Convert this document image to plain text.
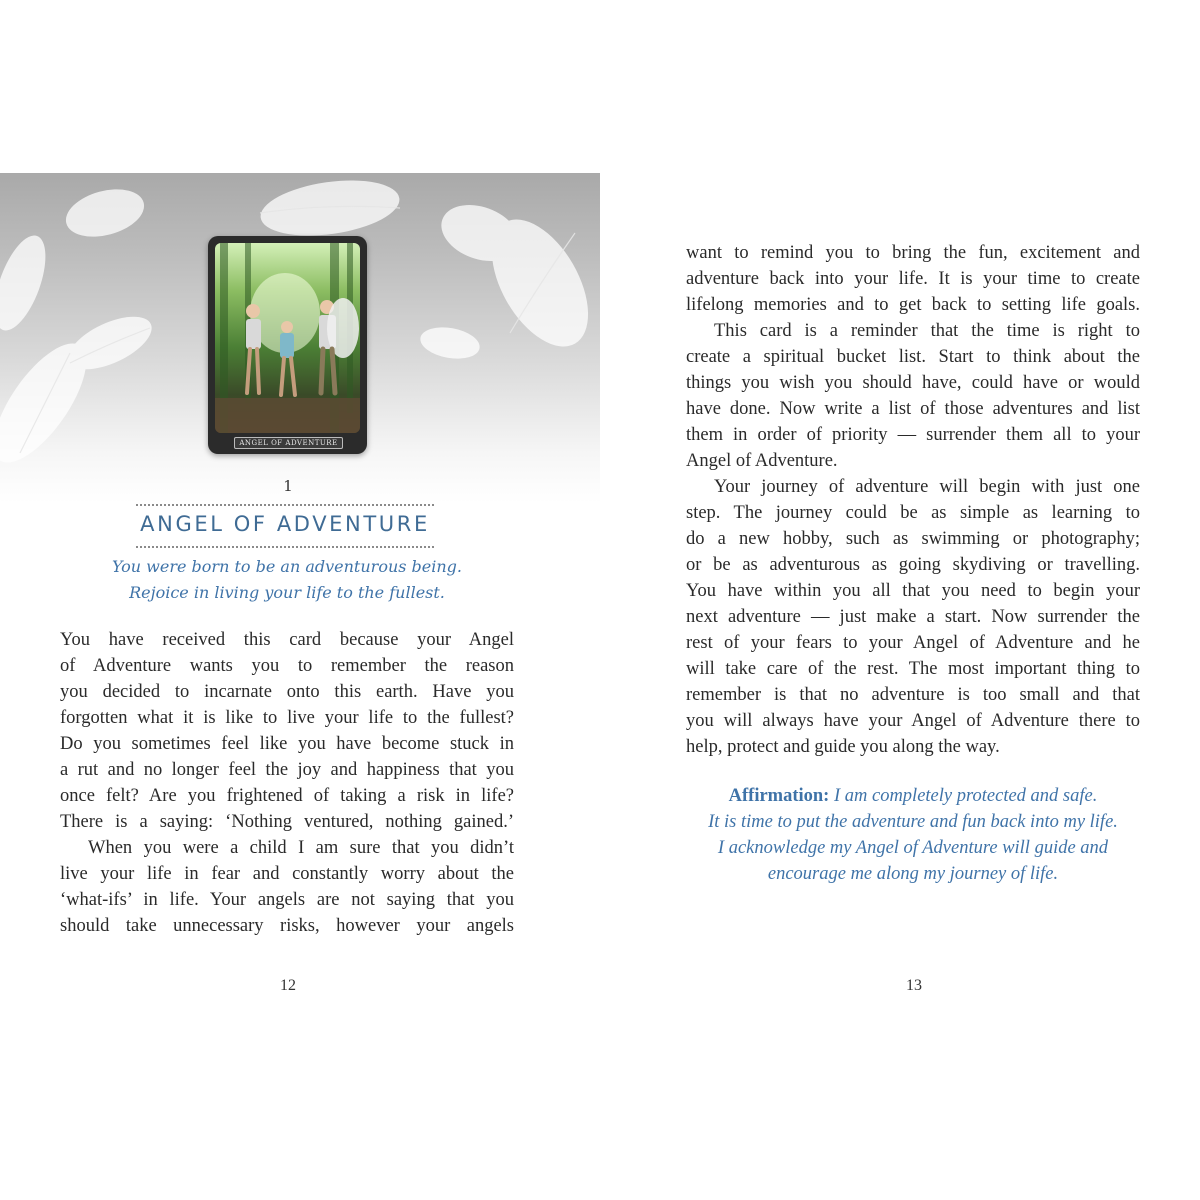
ANGEL OF ADVENTURE
1
ANGEL OF ADVENTURE
You were born to be an adventurous being.
Rejoice in living your life to the fullest.
You have received this card because your Angel
of Adventure wants you to remember the reason
you decided to incarnate onto this earth. Have you
forgotten what it is like to live your life to the fullest?
Do you sometimes feel like you have become stuck in
a rut and no longer feel the joy and happiness that you
once felt? Are you frightened of taking a risk in life?
There is a saying: ‘Nothing ventured, nothing gained.’
When you were a child I am sure that you didn’t
live your life in fear and constantly worry about the
‘what-ifs’ in life. Your angels are not saying that you
should take unnecessary risks, however your angels
12
want to remind you to bring the fun, excitement and
adventure back into your life. It is your time to create
lifelong memories and to get back to setting life goals.
This card is a reminder that the time is right to
create a spiritual bucket list. Start to think about the
things you wish you should have, could have or would
have done. Now write a list of those adventures and list
them in order of priority — surrender them all to your
Angel of Adventure.
Your journey of adventure will begin with just one
step. The journey could be as simple as learning to
do a new hobby, such as swimming or photography;
or be as adventurous as going skydiving or travelling.
You have within you all that you need to begin your
next adventure — just make a start. Now surrender the
rest of your fears to your Angel of Adventure and he
will take care of the rest. The most important thing to
remember is that no adventure is too small and that
you will always have your Angel of Adventure there to
help, protect and guide you along the way.
Affirmation: I am completely protected and safe.
It is time to put the adventure and fun back into my life.
I acknowledge my Angel of Adventure will guide and
encourage me along my journey of life.
13
